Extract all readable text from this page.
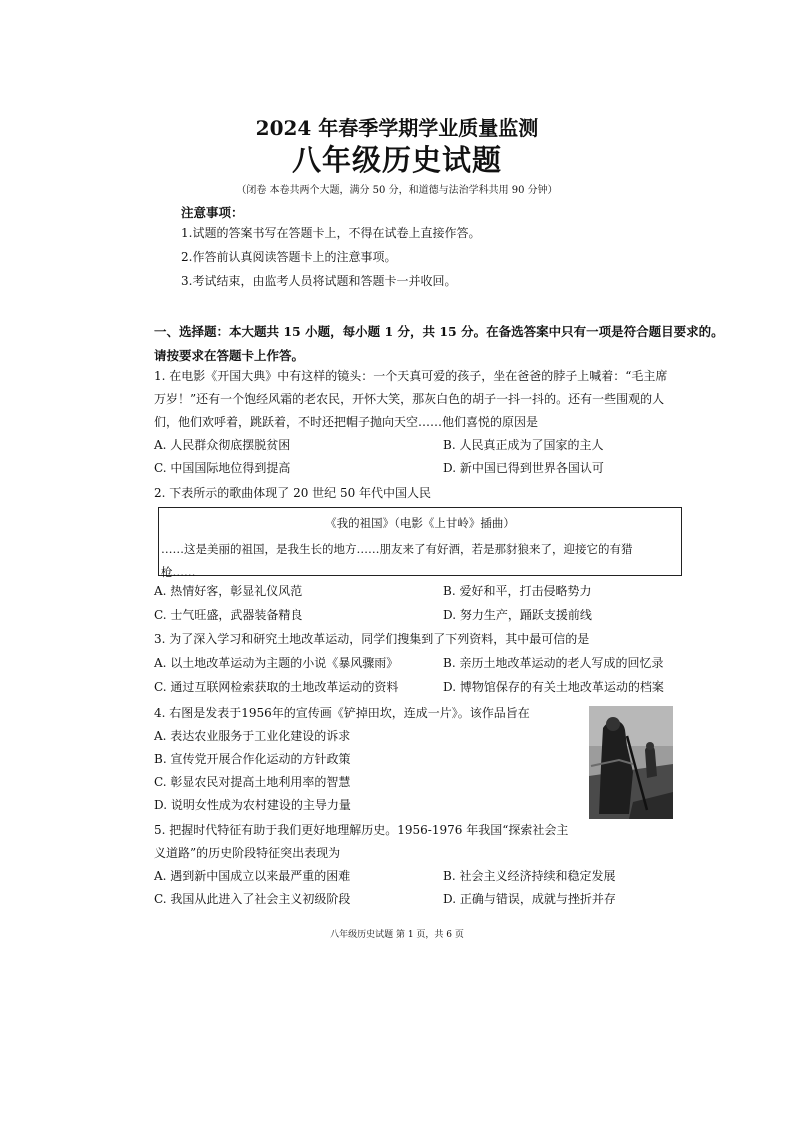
2024 年春季学期学业质量监测
八年级历史试题
（闭卷 本卷共两个大题，满分 50 分，和道德与法治学科共用 90 分钟）
注意事项：
1.试题的答案书写在答题卡上，不得在试卷上直接作答。
2.作答前认真阅读答题卡上的注意事项。
3.考试结束，由监考人员将试题和答题卡一并收回。
一、选择题：本大题共 15 小题，每小题 1 分，共 15 分。在备选答案中只有一项是符合题目要求的。
请按要求在答题卡上作答。
1. 在电影《开国大典》中有这样的镜头：一个天真可爱的孩子，坐在爸爸的脖子上喊着：“毛主席
万岁！”还有一个饱经风霜的老农民，开怀大笑，那灰白色的胡子一抖一抖的。还有一些围观的人
们，他们欢呼着，跳跃着，不时还把帽子抛向天空……他们喜悦的原因是
A. 人民群众彻底摆脱贫困	B. 人民真正成为了国家的主人
C. 中国国际地位得到提高	D. 新中国已得到世界各国认可
2. 下表所示的歌曲体现了 20 世纪 50 年代中国人民
《我的祖国》（电影《上甘岭》插曲）
……这是美丽的祖国，是我生长的地方……朋友来了有好酒，若是那豺狼来了，迎接它的有猎
枪……
A. 热情好客，彰显礼仪风范	B. 爱好和平，打击侵略势力
C. 士气旺盛，武器装备精良	D. 努力生产，踊跃支援前线
3. 为了深入学习和研究土地改革运动，同学们搜集到了下列资料，其中最可信的是
A. 以土地改革运动为主题的小说《暴风骤雨》	B. 亲历土地改革运动的老人写成的回忆录
C. 通过互联网检索获取的土地改革运动的资料	D. 博物馆保存的有关土地改革运动的档案
4. 右图是发表于1956年的宣传画《铲掉田坎，连成一片》。该作品旨在
A. 表达农业服务于工业化建设的诉求
B. 宣传党开展合作化运动的方针政策
C. 彰显农民对提高土地利用率的智慧
D. 说明女性成为农村建设的主导力量
5. 把握时代特征有助于我们更好地理解历史。1956-1976 年我国“探索社会主
义道路”的历史阶段特征突出表现为
A. 遇到新中国成立以来最严重的困难	B. 社会主义经济持续和稳定发展
C. 我国从此进入了社会主义初级阶段	D. 正确与错误，成就与挫折并存
八年级历史试题 第 1 页，共 6 页
